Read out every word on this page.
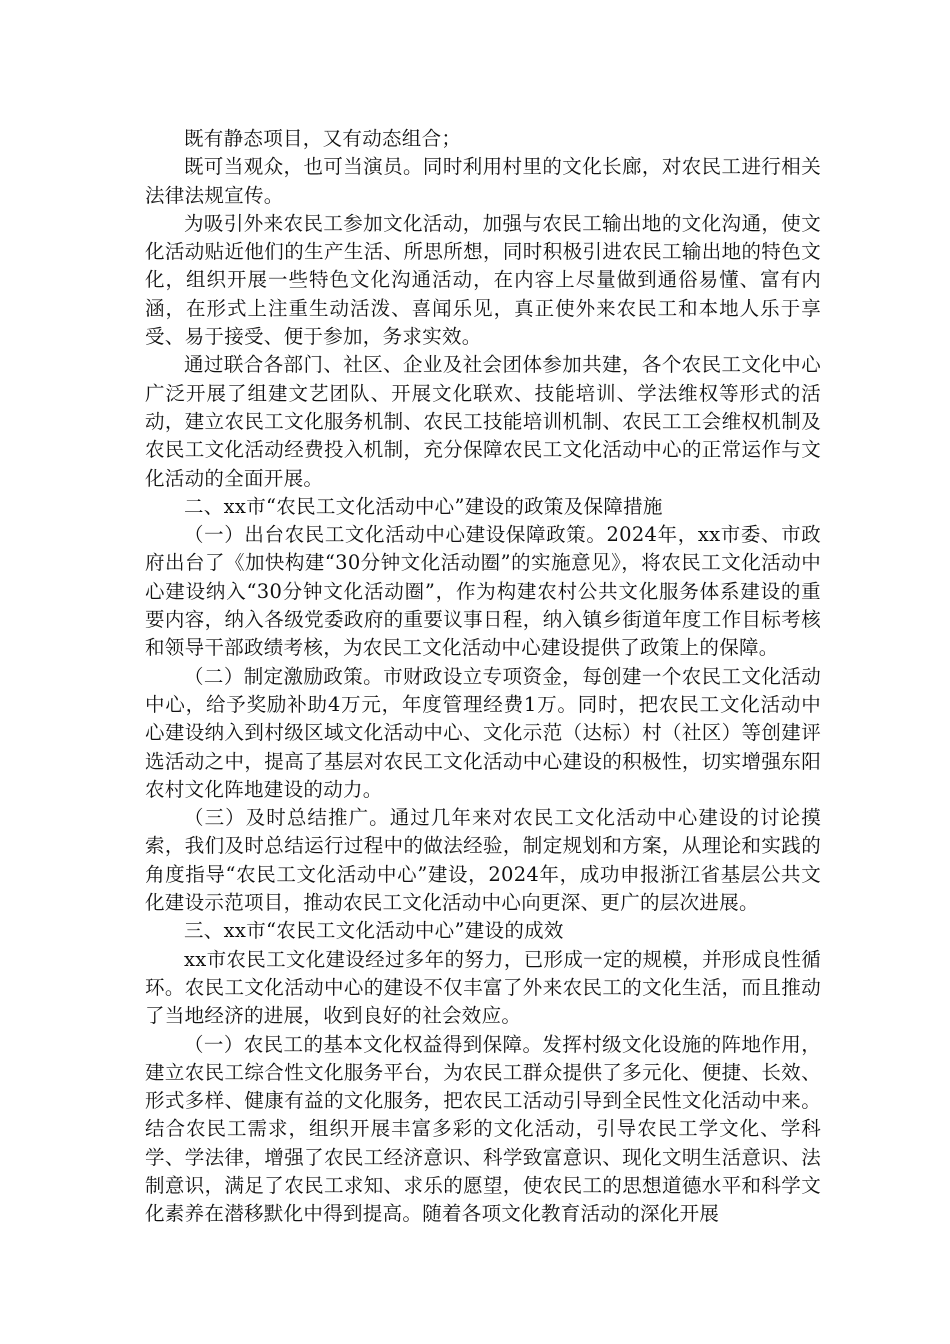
既有静态项目，又有动态组合；

既可当观众，也可当演员。同时利用村里的文化长廊，对农民工进行相关法律法规宣传。

为吸引外来农民工参加文化活动，加强与农民工输出地的文化沟通，使文化活动贴近他们的生产生活、所思所想，同时积极引进农民工输出地的特色文化，组织开展一些特色文化沟通活动，在内容上尽量做到通俗易懂、富有内涵，在形式上注重生动活泼、喜闻乐见，真正使外来农民工和本地人乐于享受、易于接受、便于参加，务求实效。

通过联合各部门、社区、企业及社会团体参加共建，各个农民工文化中心广泛开展了组建文艺团队、开展文化联欢、技能培训、学法维权等形式的活动，建立农民工文化服务机制、农民工技能培训机制、农民工工会维权机制及农民工文化活动经费投入机制，充分保障农民工文化活动中心的正常运作与文化活动的全面开展。

二、xx市“农民工文化活动中心”建设的政策及保障措施

（一）出台农民工文化活动中心建设保障政策。2024年，xx市委、市政府出台了《加快构建“30分钟文化活动圈”的实施意见》，将农民工文化活动中心建设纳入“30分钟文化活动圈”，作为构建农村公共文化服务体系建设的重要内容，纳入各级党委政府的重要议事日程，纳入镇乡街道年度工作目标考核和领导干部政绩考核，为农民工文化活动中心建设提供了政策上的保障。

（二）制定激励政策。市财政设立专项资金，每创建一个农民工文化活动中心，给予奖励补助4万元，年度管理经费1万。同时，把农民工文化活动中心建设纳入到村级区域文化活动中心、文化示范（达标）村（社区）等创建评选活动之中，提高了基层对农民工文化活动中心建设的积极性，切实增强东阳农村文化阵地建设的动力。

（三）及时总结推广。通过几年来对农民工文化活动中心建设的讨论摸索，我们及时总结运行过程中的做法经验，制定规划和方案，从理论和实践的角度指导“农民工文化活动中心”建设，2024年，成功申报浙江省基层公共文化建设示范项目，推动农民工文化活动中心向更深、更广的层次进展。

三、xx市“农民工文化活动中心”建设的成效

xx市农民工文化建设经过多年的努力，已形成一定的规模，并形成良性循环。农民工文化活动中心的建设不仅丰富了外来农民工的文化生活，而且推动了当地经济的进展，收到良好的社会效应。

（一）农民工的基本文化权益得到保障。发挥村级文化设施的阵地作用，建立农民工综合性文化服务平台，为农民工群众提供了多元化、便捷、长效、形式多样、健康有益的文化服务，把农民工活动引导到全民性文化活动中来。结合农民工需求，组织开展丰富多彩的文化活动，引导农民工学文化、学科学、学法律，增强了农民工经济意识、科学致富意识、现化文明生活意识、法制意识，满足了农民工求知、求乐的愿望，使农民工的思想道德水平和科学文化素养在潜移默化中得到提高。随着各项文化教育活动的深化开展
